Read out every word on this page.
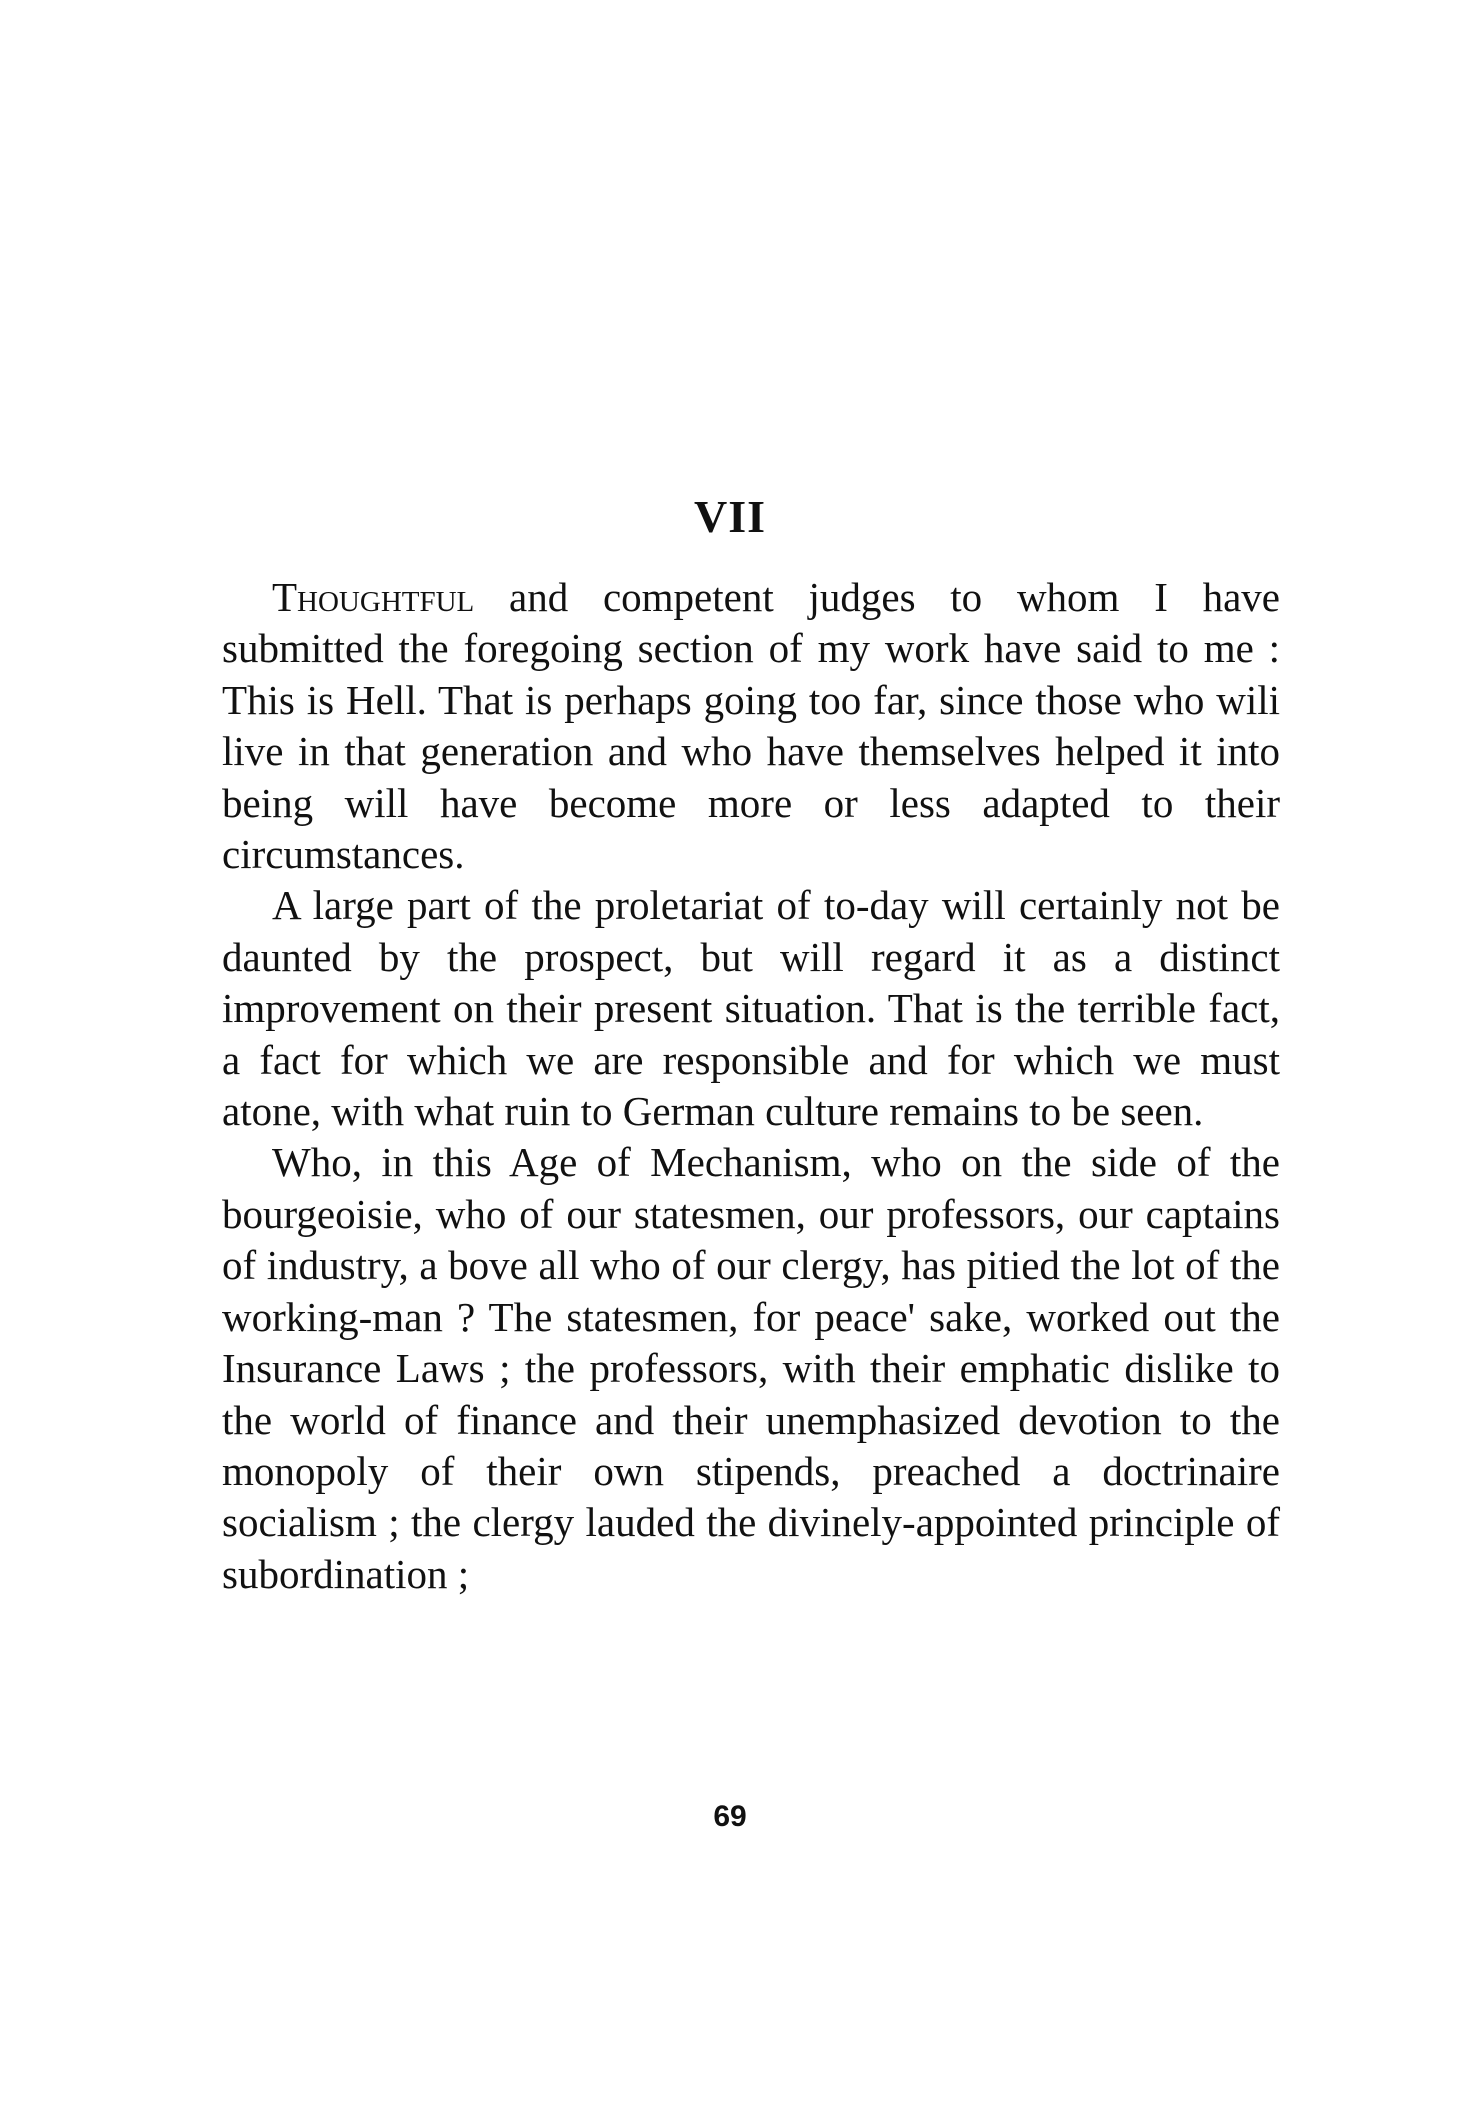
VII

Thoughtful and competent judges to whom I have submitted the foregoing section of my work have said to me : This is Hell. That is perhaps going too far, since those who wili live in that generation and who have themselves helped it into being will have become more or less adapted to their circumstances.

A large part of the proletariat of to-day will certainly not be daunted by the prospect, but will regard it as a distinct improvement on their present situation. That is the terrible fact, a fact for which we are responsible and for which we must atone, with what ruin to German culture remains to be seen.

Who, in this Age of Mechanism, who on the side of the bourgeoisie, who of our statesmen, our professors, our captains of industry, a bove all who of our clergy, has pitied the lot of the working-man ? The statesmen, for peace' sake, worked out the Insurance Laws ; the professors, with their emphatic dislike to the world of finance and their unemphasized devotion to the monopoly of their own stipends, preached a doctrinaire socialism ; the clergy lauded the divinely-appointed principle of subordination ;

69
